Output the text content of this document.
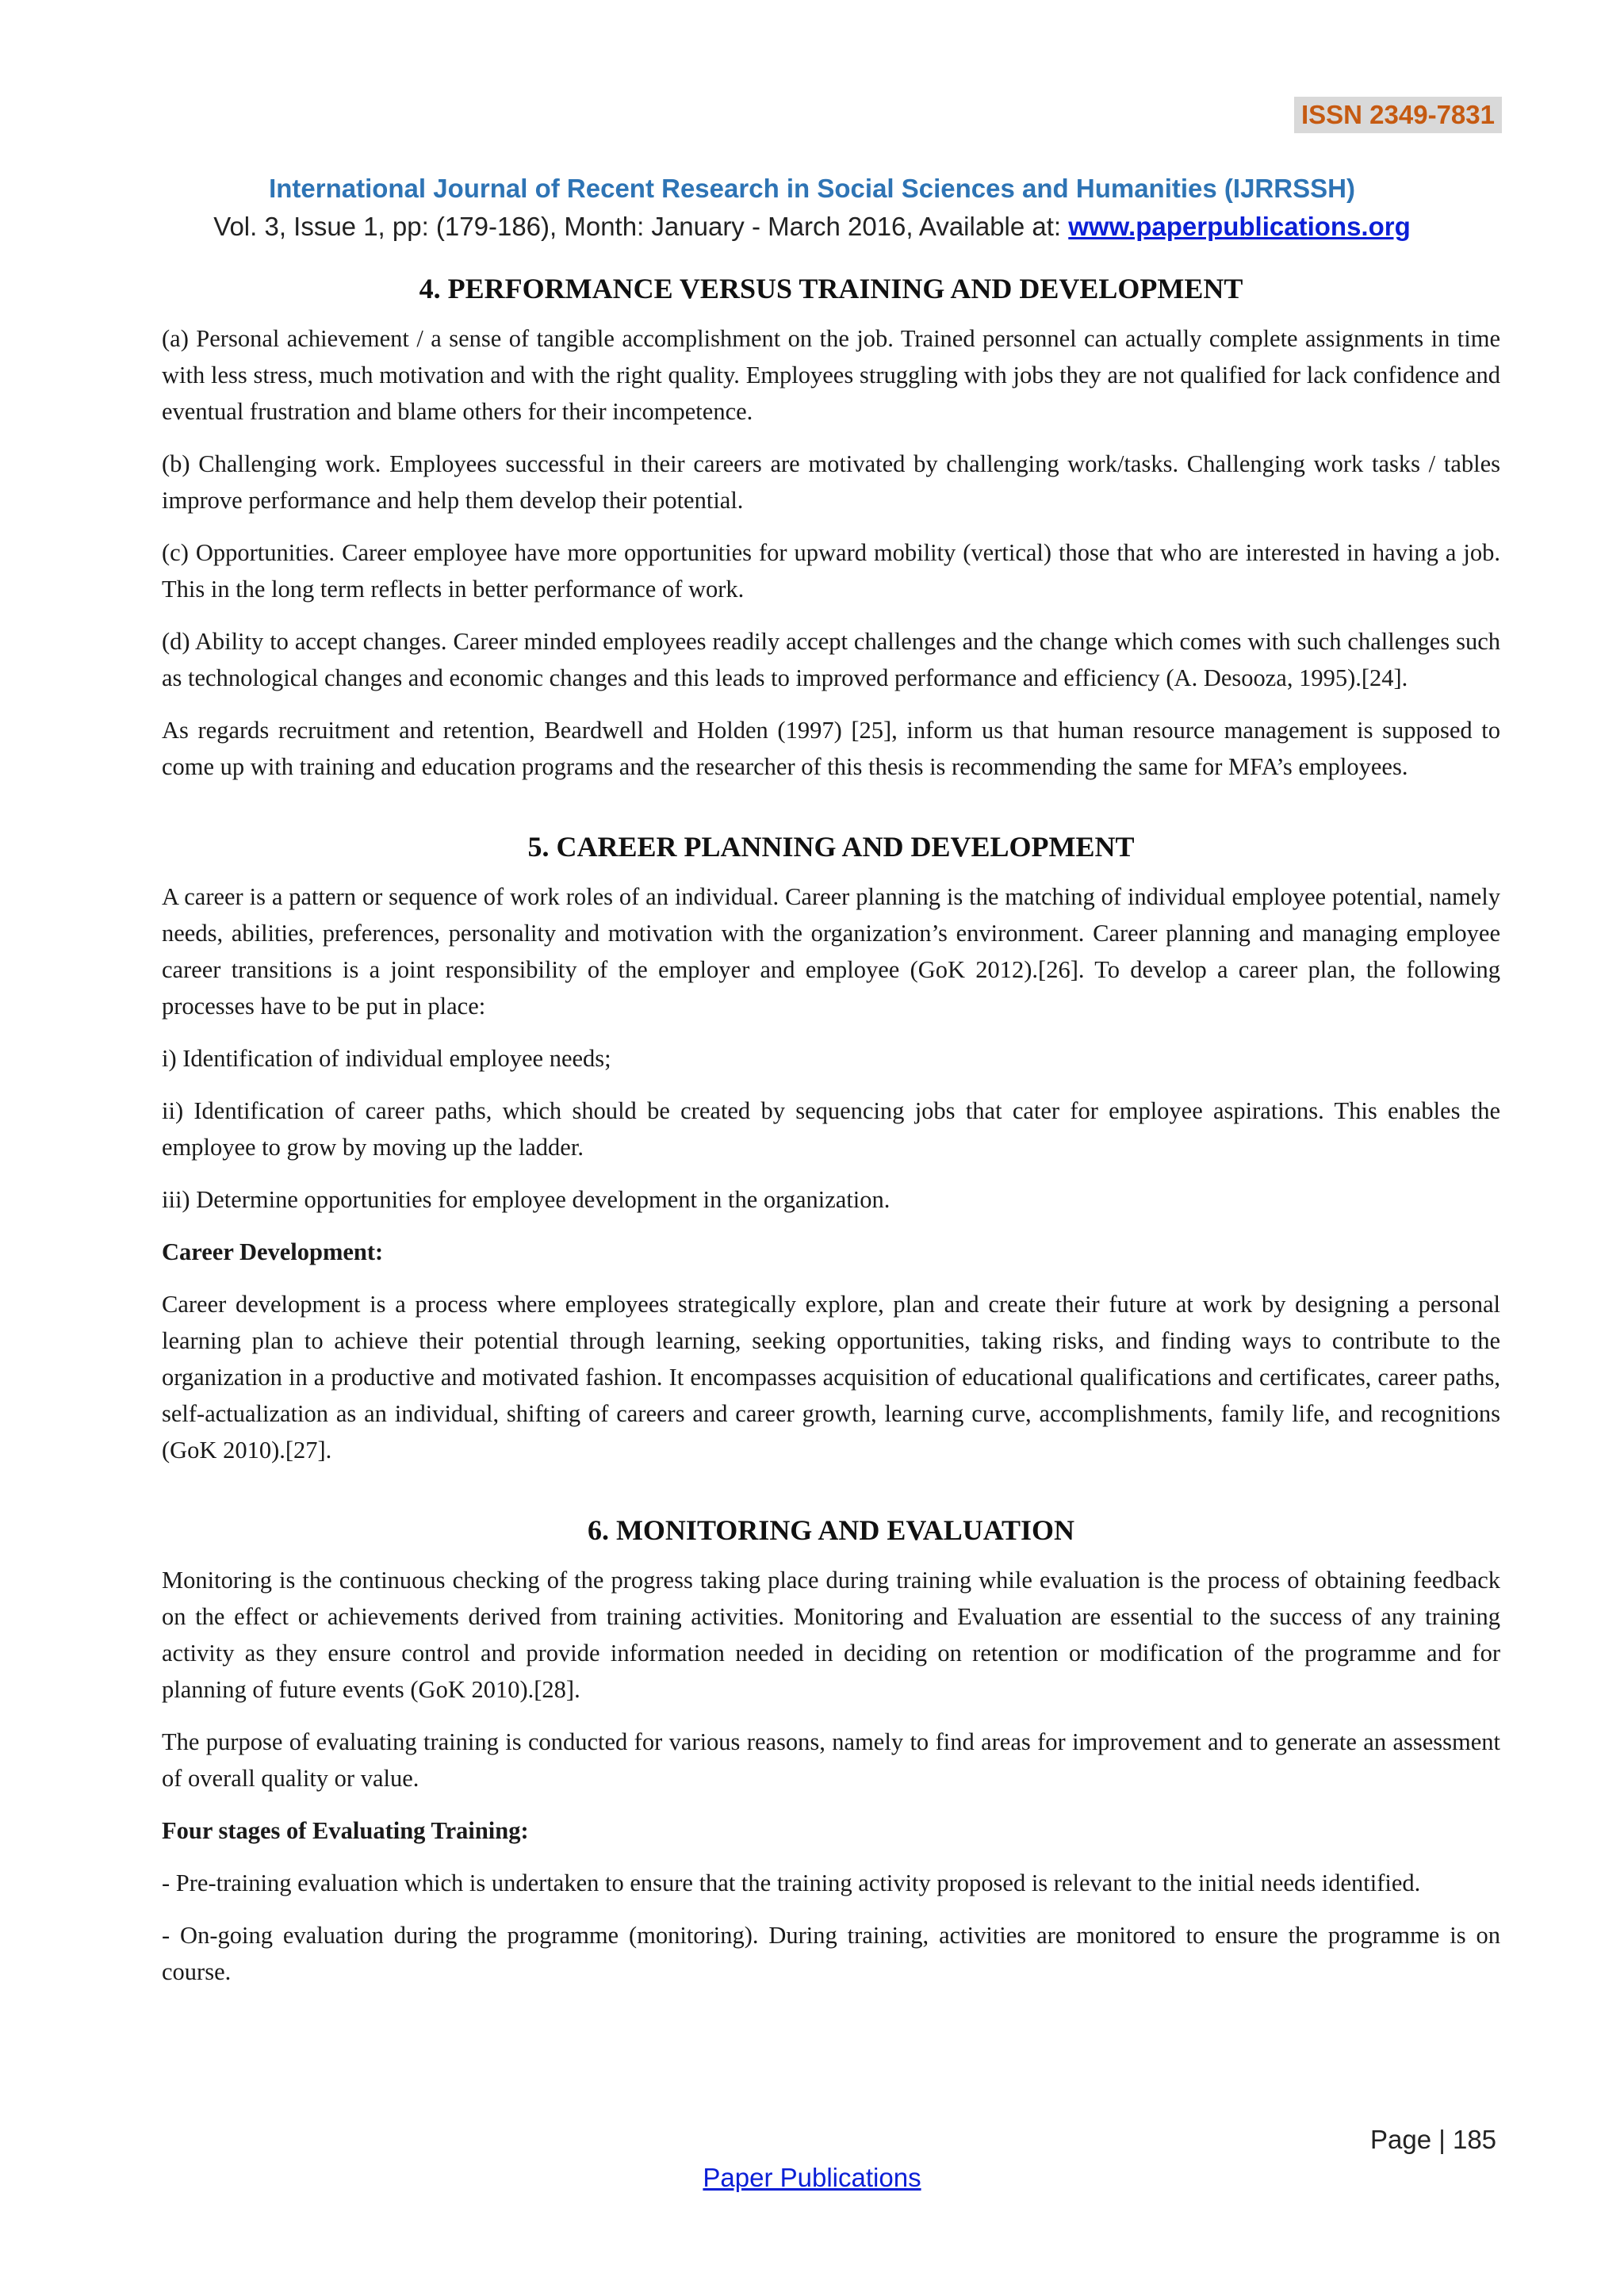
ISSN 2349-7831
International Journal of Recent Research in Social Sciences and Humanities (IJRRSSH)
Vol. 3, Issue 1, pp: (179-186), Month: January - March 2016, Available at: www.paperpublications.org
4. PERFORMANCE VERSUS TRAINING AND DEVELOPMENT

(a) Personal achievement / a sense of tangible accomplishment on the job. Trained personnel can actually complete assignments in time with less stress, much motivation and with the right quality. Employees struggling with jobs they are not qualified for lack confidence and eventual frustration and blame others for their incompetence.

(b) Challenging work. Employees successful in their careers are motivated by challenging work/tasks. Challenging work tasks / tables improve performance and help them develop their potential.

(c) Opportunities. Career employee have more opportunities for upward mobility (vertical) those that who are interested in having a job. This in the long term reflects in better performance of work.

(d) Ability to accept changes. Career minded employees readily accept challenges and the change which comes with such challenges such as technological changes and economic changes and this leads to improved performance and efficiency (A. Desooza, 1995).[24].

As regards recruitment and retention, Beardwell and Holden (1997) [25], inform us that human resource management is supposed to come up with training and education programs and the researcher of this thesis is recommending the same for MFA’s employees.

5. CAREER PLANNING AND DEVELOPMENT

A career is a pattern or sequence of work roles of an individual. Career planning is the matching of individual employee potential, namely needs, abilities, preferences, personality and motivation with the organization’s environment. Career planning and managing employee career transitions is a joint responsibility of the employer and employee (GoK 2012).[26]. To develop a career plan, the following processes have to be put in place:

i) Identification of individual employee needs;

ii) Identification of career paths, which should be created by sequencing jobs that cater for employee aspirations. This enables the employee to grow by moving up the ladder.

iii) Determine opportunities for employee development in the organization.

Career Development:

Career development is a process where employees strategically explore, plan and create their future at work by designing a personal learning plan to achieve their potential through learning, seeking opportunities, taking risks, and finding ways to contribute to the organization in a productive and motivated fashion. It encompasses acquisition of educational qualifications and certificates, career paths, self-actualization as an individual, shifting of careers and career growth, learning curve, accomplishments, family life, and recognitions (GoK 2010).[27].

6. MONITORING AND EVALUATION

Monitoring is the continuous checking of the progress taking place during training while evaluation is the process of obtaining feedback on the effect or achievements derived from training activities. Monitoring and Evaluation are essential to the success of any training activity as they ensure control and provide information needed in deciding on retention or modification of the programme and for planning of future events (GoK 2010).[28].

The purpose of evaluating training is conducted for various reasons, namely to find areas for improvement and to generate an assessment of overall quality or value.

Four stages of Evaluating Training:

- Pre-training evaluation which is undertaken to ensure that the training activity proposed is relevant to the initial needs identified.

- On-going evaluation during the programme (monitoring). During training, activities are monitored to ensure the programme is on course.

Page | 185
Paper Publications
